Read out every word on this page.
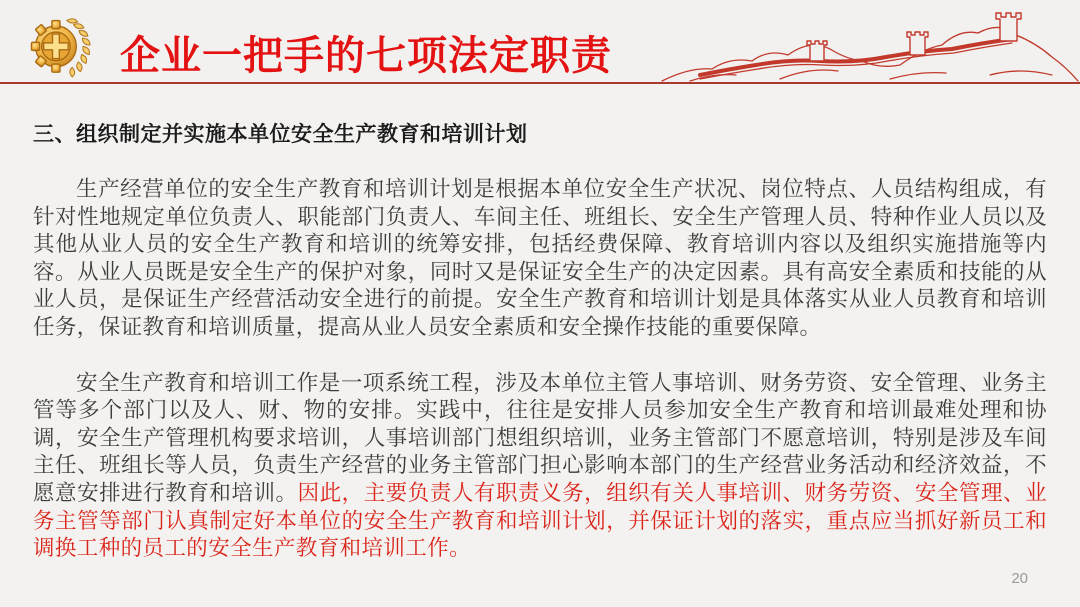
企业一把手的七项法定职责
三、组织制定并实施本单位安全生产教育和培训计划

生产经营单位的安全生产教育和培训计划是根据本单位安全生产状况、岗位特点、人员结构组成，有针对性地规定单位负责人、职能部门负责人、车间主任、班组长、安全生产管理人员、特种作业人员以及其他从业人员的安全生产教育和培训的统筹安排，包括经费保障、教育培训内容以及组织实施措施等内容。从业人员既是安全生产的保护对象，同时又是保证安全生产的决定因素。具有高安全素质和技能的从业人员，是保证生产经营活动安全进行的前提。安全生产教育和培训计划是具体落实从业人员教育和培训任务，保证教育和培训质量，提高从业人员安全素质和安全操作技能的重要保障。

安全生产教育和培训工作是一项系统工程，涉及本单位主管人事培训、财务劳资、安全管理、业务主管等多个部门以及人、财、物的安排。实践中，往往是安排人员参加安全生产教育和培训最难处理和协调，安全生产管理机构要求培训，人事培训部门想组织培训，业务主管部门不愿意培训，特别是涉及车间主任、班组长等人员，负责生产经营的业务主管部门担心影响本部门的生产经营业务活动和经济效益，不愿意安排进行教育和培训。因此，主要负责人有职责义务，组织有关人事培训、财务劳资、安全管理、业务主管等部门认真制定好本单位的安全生产教育和培训计划，并保证计划的落实，重点应当抓好新员工和调换工种的员工的安全生产教育和培训工作。

20
